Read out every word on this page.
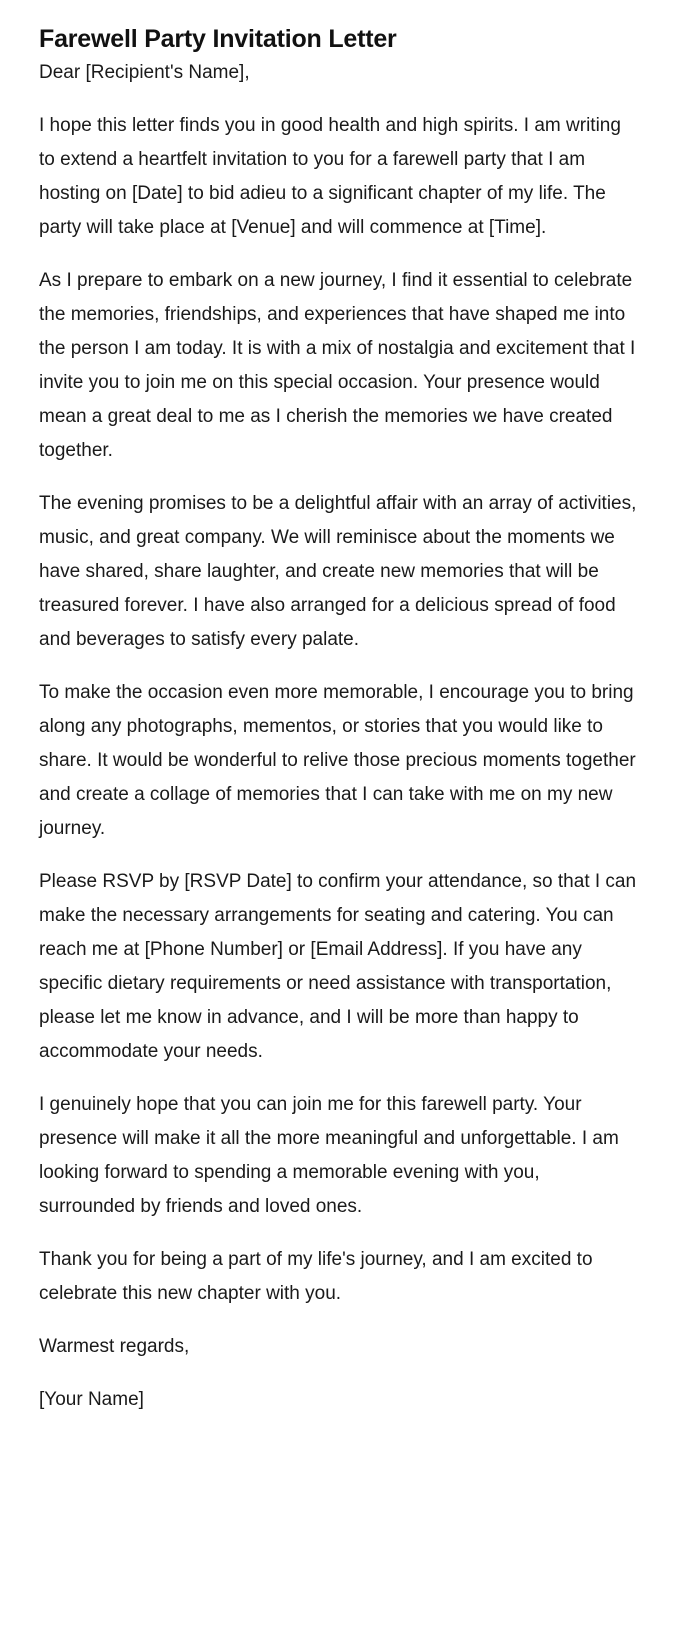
Farewell Party Invitation Letter

Dear [Recipient's Name],

I hope this letter finds you in good health and high spirits. I am writing to extend a heartfelt invitation to you for a farewell party that I am hosting on [Date] to bid adieu to a significant chapter of my life. The party will take place at [Venue] and will commence at [Time].

As I prepare to embark on a new journey, I find it essential to celebrate the memories, friendships, and experiences that have shaped me into the person I am today. It is with a mix of nostalgia and excitement that I invite you to join me on this special occasion. Your presence would mean a great deal to me as I cherish the memories we have created together.

The evening promises to be a delightful affair with an array of activities, music, and great company. We will reminisce about the moments we have shared, share laughter, and create new memories that will be treasured forever. I have also arranged for a delicious spread of food and beverages to satisfy every palate.

To make the occasion even more memorable, I encourage you to bring along any photographs, mementos, or stories that you would like to share. It would be wonderful to relive those precious moments together and create a collage of memories that I can take with me on my new journey.

Please RSVP by [RSVP Date] to confirm your attendance, so that I can make the necessary arrangements for seating and catering. You can reach me at [Phone Number] or [Email Address]. If you have any specific dietary requirements or need assistance with transportation, please let me know in advance, and I will be more than happy to accommodate your needs.

I genuinely hope that you can join me for this farewell party. Your presence will make it all the more meaningful and unforgettable. I am looking forward to spending a memorable evening with you, surrounded by friends and loved ones.

Thank you for being a part of my life's journey, and I am excited to celebrate this new chapter with you.

Warmest regards,

[Your Name]
